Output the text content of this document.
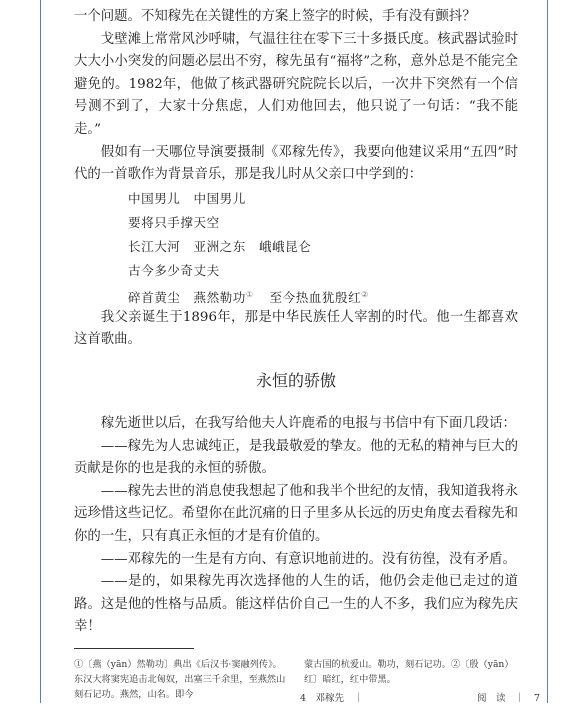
一个问题。不知稼先在关键性的方案上签字的时候，手有没有颤抖？

戈壁滩上常常风沙呼啸，气温往往在零下三十多摄氏度。核武器试验时大大小小突发的问题必层出不穷，稼先虽有“福将”之称，意外总是不能完全避免的。1982年，他做了核武器研究院院长以后，一次井下突然有一个信号测不到了，大家十分焦虑，人们劝他回去，他只说了一句话：“我不能走。”

假如有一天哪位导演要摄制《邓稼先传》，我要向他建议采用“五四”时代的一首歌作为背景音乐，那是我儿时从父亲口中学到的：

中国男儿　中国男儿
要将只手撑天空
长江大河　亚洲之东　峨峨昆仑
古今多少奇丈夫
碎首黄尘　燕然勒功① 至今热血犹殷红②

我父亲诞生于1896年，那是中华民族任人宰割的时代。他一生都喜欢这首歌曲。

永恒的骄傲

稼先逝世以后，在我写给他夫人许鹿希的电报与书信中有下面几段话：

——稼先为人忠诚纯正，是我最敬爱的挚友。他的无私的精神与巨大的贡献是你的也是我的永恒的骄傲。

——稼先去世的消息使我想起了他和我半个世纪的友情，我知道我将永远珍惜这些记忆。希望你在此沉痛的日子里多从长远的历史角度去看稼先和你的一生，只有真正永恒的才是有价值的。

——邓稼先的一生是有方向、有意识地前进的。没有彷徨，没有矛盾。

——是的，如果稼先再次选择他的人生的话，他仍会走他已走过的道路。这是他的性格与品质。能这样估价自己一生的人不多，我们应为稼先庆幸！

①〔燕（yān）然勒功〕典出《后汉书·窦融列传》。东汉大将窦宪追击北匈奴，出塞三千余里，至燕然山刻石记功。燕然，山名。即今
蒙古国的杭爱山。勒功，刻石记功。②〔殷（yān）红〕暗红，红中带黑。
4　邓稼先　｜	阅　读　｜　7
